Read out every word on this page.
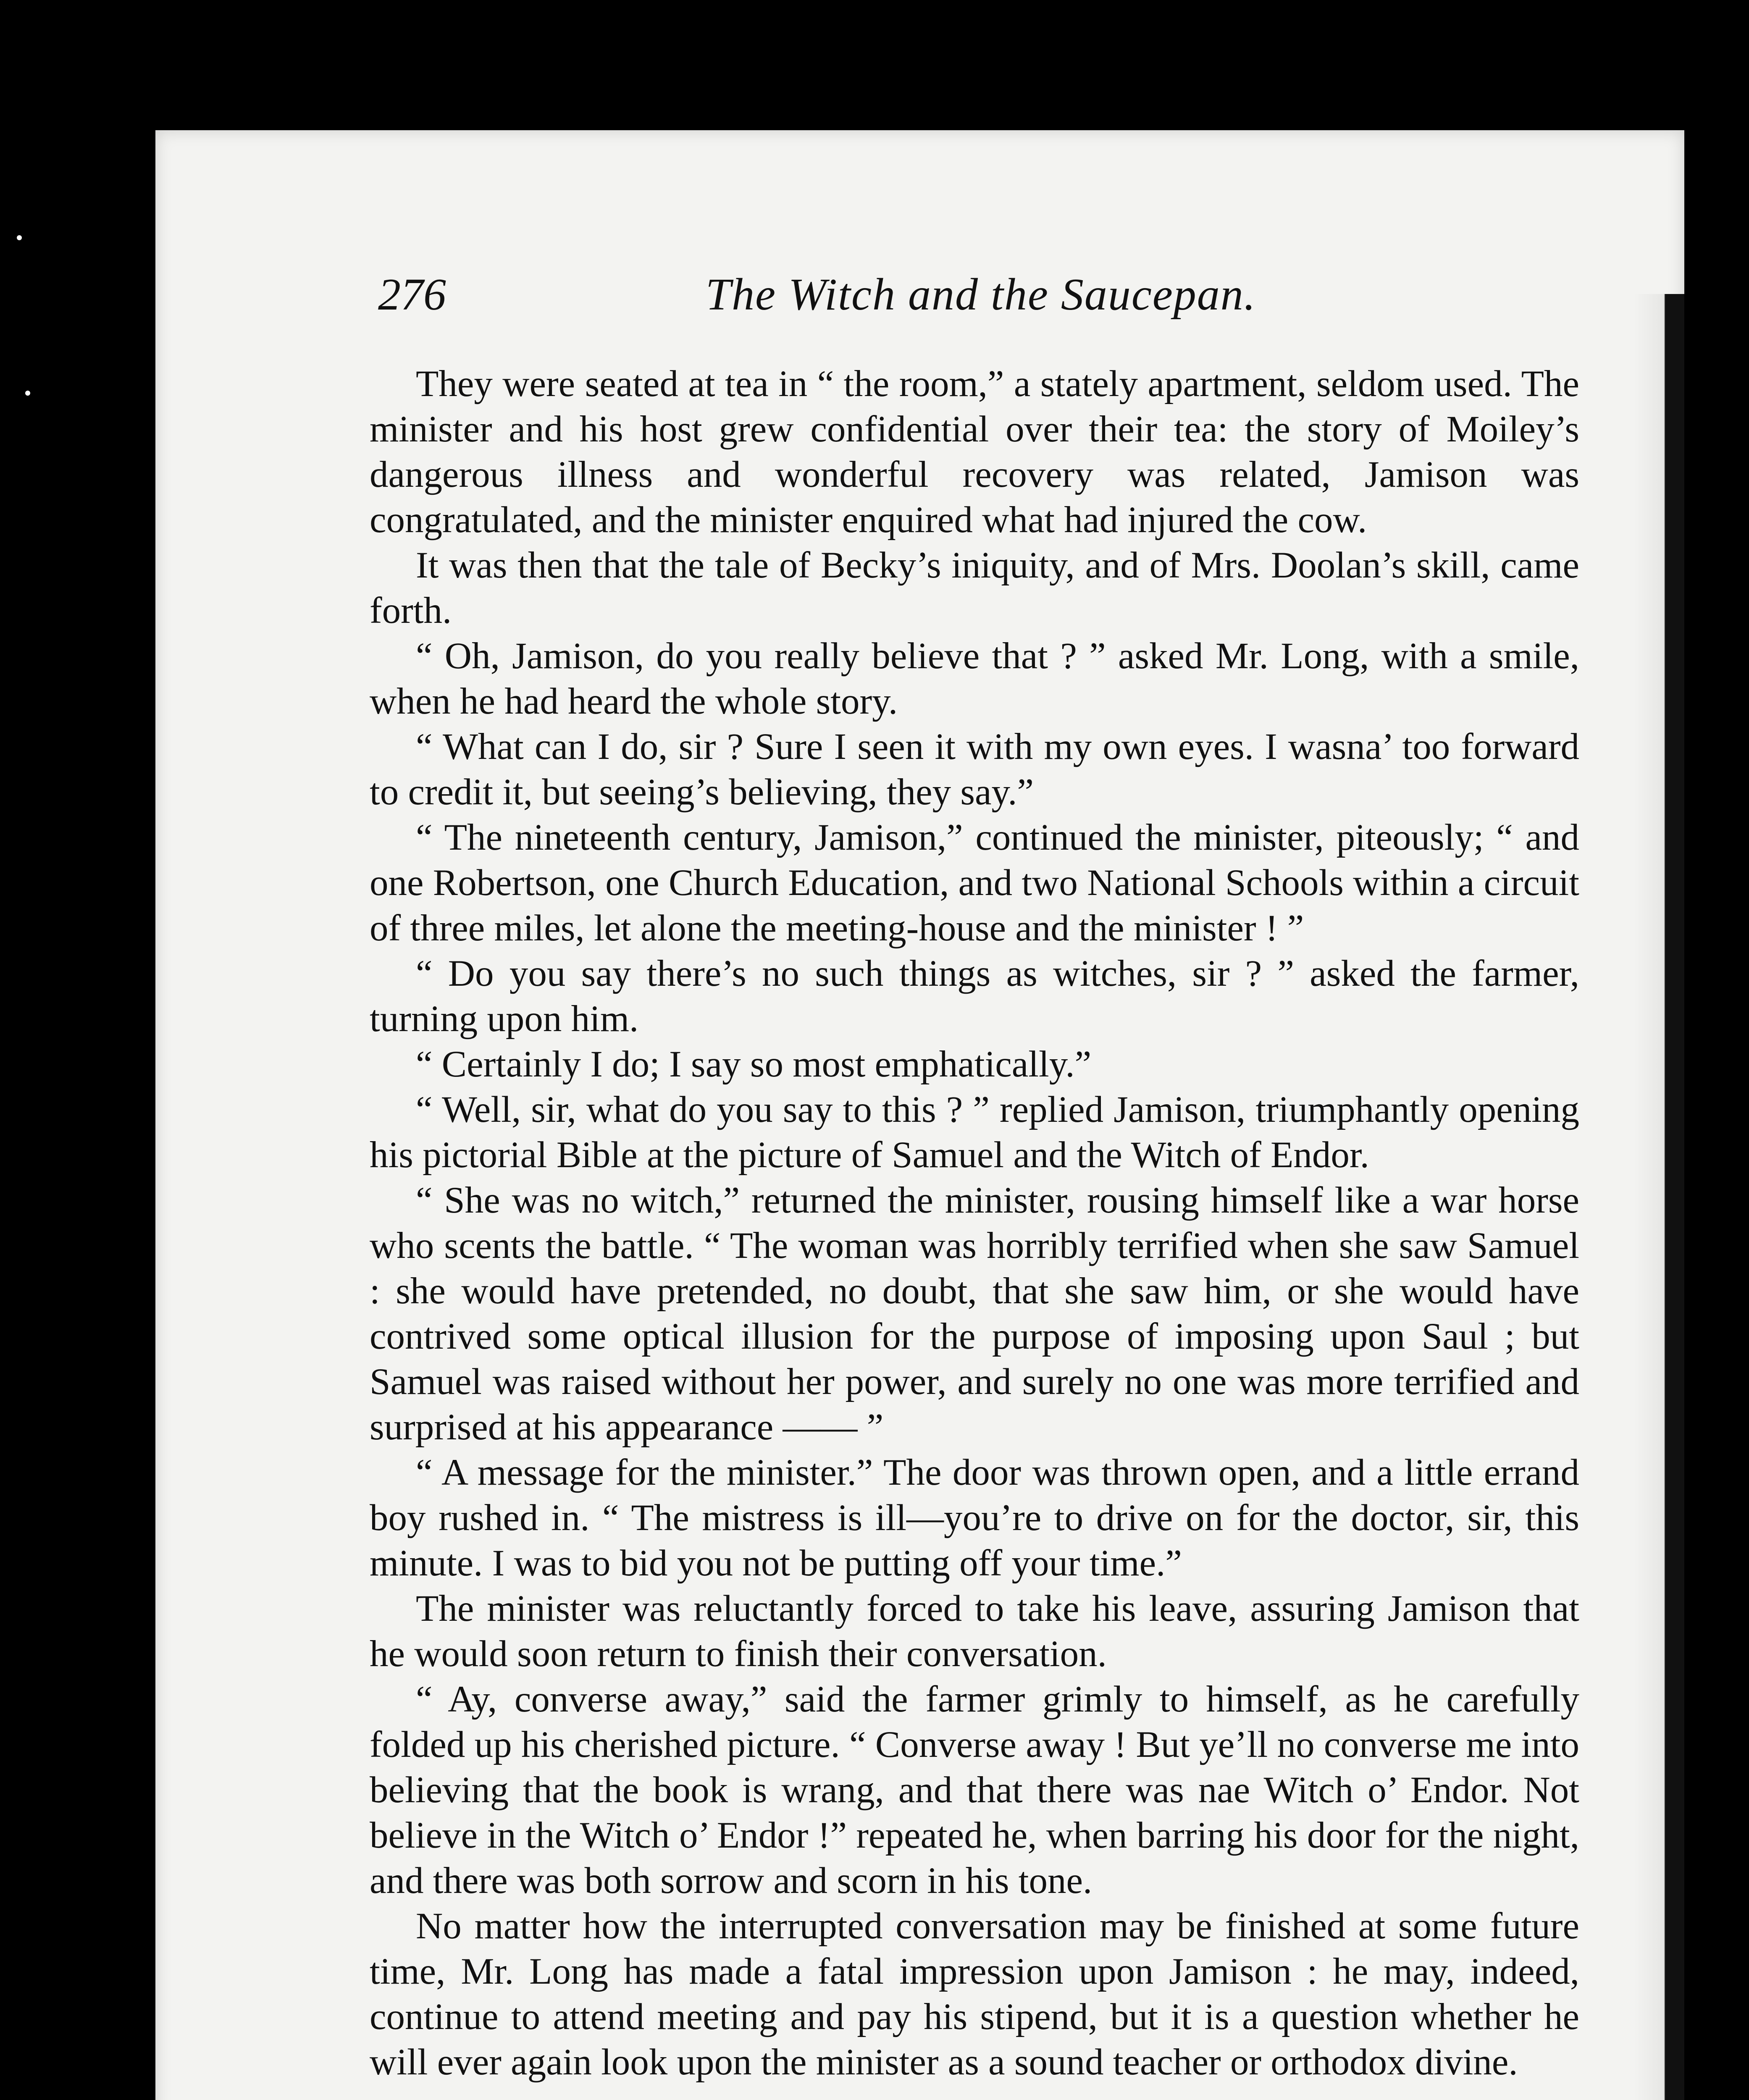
276	The Witch and the Saucepan.

They were seated at tea in “ the room,” a stately apartment, seldom used. The minister and his host grew confidential over their tea: the story of Moiley’s dangerous illness and wonderful recovery was related, Jamison was congratulated, and the minister enquired what had injured the cow.

It was then that the tale of Becky’s iniquity, and of Mrs. Doolan’s skill, came forth.

“ Oh, Jamison, do you really believe that ? ” asked Mr. Long, with a smile, when he had heard the whole story.

“ What can I do, sir ? Sure I seen it with my own eyes. I wasna’ too forward to credit it, but seeing’s believing, they say.”

“ The nineteenth century, Jamison,” continued the minister, piteously; “ and one Robertson, one Church Education, and two National Schools within a circuit of three miles, let alone the meeting-house and the minister ! ”

“ Do you say there’s no such things as witches, sir ? ” asked the farmer, turning upon him.

“ Certainly I do; I say so most emphatically.”

“ Well, sir, what do you say to this ? ” replied Jamison, triumphantly opening his pictorial Bible at the picture of Samuel and the Witch of Endor.

“ She was no witch,” returned the minister, rousing himself like a war horse who scents the battle. “ The woman was horribly terrified when she saw Samuel : she would have pretended, no doubt, that she saw him, or she would have contrived some optical illusion for the purpose of imposing upon Saul ; but Samuel was raised without her power, and surely no one was more terrified and surprised at his appearance —— ”

“ A message for the minister.” The door was thrown open, and a little errand boy rushed in. “ The mistress is ill—you’re to drive on for the doctor, sir, this minute. I was to bid you not be putting off your time.”

The minister was reluctantly forced to take his leave, assuring Jamison that he would soon return to finish their conversation.

“ Ay, converse away,” said the farmer grimly to himself, as he carefully folded up his cherished picture. “ Converse away ! But ye’ll no converse me into believing that the book is wrang, and that there was nae Witch o’ Endor. Not believe in the Witch o’ Endor !” repeated he, when barring his door for the night, and there was both sorrow and scorn in his tone.

No matter how the interrupted conversation may be finished at some future time, Mr. Long has made a fatal impression upon Jamison : he may, indeed, continue to attend meeting and pay his stipend, but it is a question whether he will ever again look upon the minister as a sound teacher or orthodox divine.
